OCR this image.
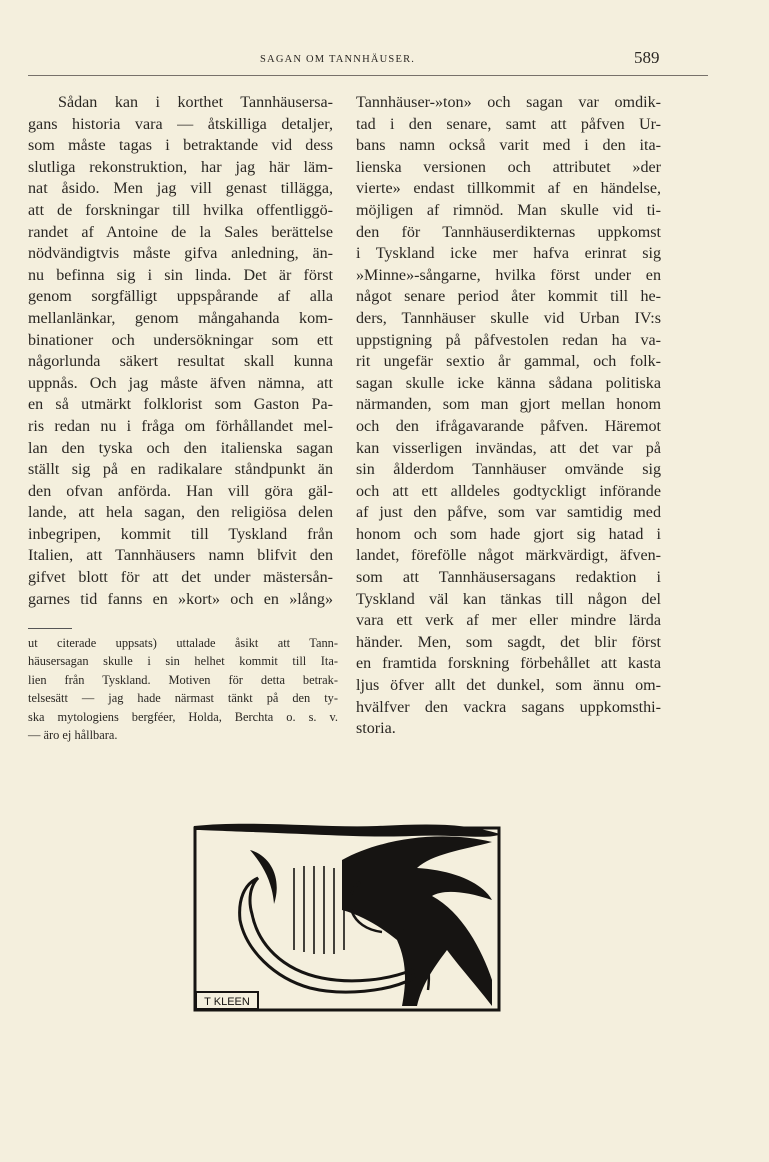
SAGAN OM TANNHÄUSER.	589
Sådan kan i korthet Tannhäusersa-
gans historia vara — åtskilliga detaljer,
som måste tagas i betraktande vid dess
slutliga rekonstruktion, har jag här läm-
nat åsido. Men jag vill genast tillägga,
att de forskningar till hvilka offentliggö-
randet af Antoine de la Sales berättelse
nödvändigtvis måste gifva anledning, än-
nu befinna sig i sin linda. Det är först
genom sorgfälligt uppspårande af alla
mellanlänkar, genom mångahanda kom-
binationer och undersökningar som ett
någorlunda säkert resultat skall kunna
uppnås. Och jag måste äfven nämna, att
en så utmärkt folklorist som Gaston Pa-
ris redan nu i fråga om förhållandet mel-
lan den tyska och den italienska sagan
ställt sig på en radikalare ståndpunkt än
den ofvan anförda. Han vill göra gäl-
lande, att hela sagan, den religiösa delen
inbegripen, kommit till Tyskland från
Italien, att Tannhäusers namn blifvit den
gifvet blott för att det under mästersån-
garnes tid fanns en »kort» och en »lång»
ut citerade uppsats) uttalade åsikt att Tann-
häusersagan skulle i sin helhet kommit till Ita-
lien från Tyskland. Motiven för detta betrak-
telsesätt — jag hade närmast tänkt på den ty-
ska mytologiens bergféer, Holda, Berchta o. s. v.
— äro ej hållbara.
Tannhäuser-»ton» och sagan var omdik-
tad i den senare, samt att påfven Ur-
bans namn också varit med i den ita-
lienska versionen och attributet »der
vierte» endast tillkommit af en händelse,
möjligen af rimnöd. Man skulle vid ti-
den för Tannhäuserdikternas uppkomst
i Tyskland icke mer hafva erinrat sig
»Minne»-sångarne, hvilka först under en
något senare period åter kommit till he-
ders, Tannhäuser skulle vid Urban IV:s
uppstigning på påfvestolen redan ha va-
rit ungefär sextio år gammal, och folk-
sagan skulle icke känna sådana politiska
närmanden, som man gjort mellan honom
och den ifrågavarande påfven. Häremot
kan visserligen invändas, att det var på
sin ålderdom Tannhäuser omvände sig
och att ett alldeles godtyckligt införande
af just den påfve, som var samtidig med
honom och som hade gjort sig hatad i
landet, förefölle något märkvärdigt, äfven-
som att Tannhäusersagans redaktion i
Tyskland väl kan tänkas till någon del
vara ett verk af mer eller mindre lärda
händer. Men, som sagdt, det blir först
en framtida forskning förbehållet att kasta
ljus öfver allt det dunkel, som ännu om-
hvälfver den vackra sagans uppkomsthi-
storia.
T KLEEN
